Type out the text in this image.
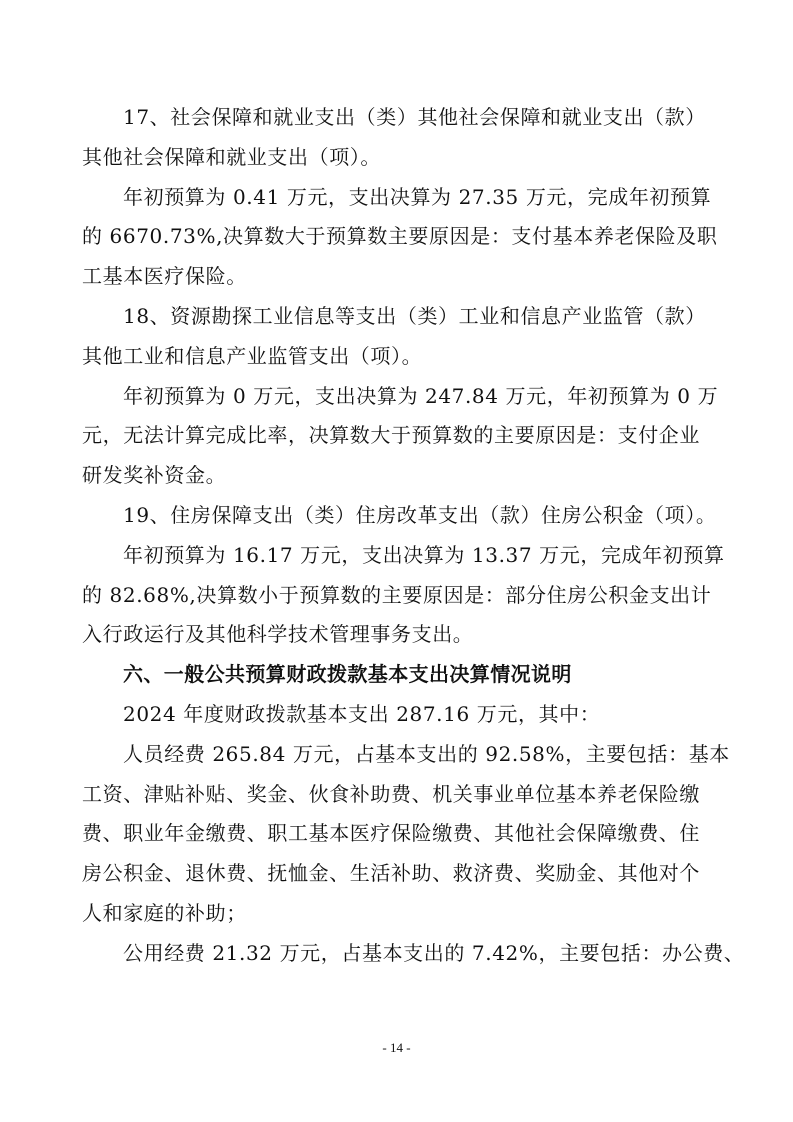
17、社会保障和就业支出（类）其他社会保障和就业支出（款）
其他社会保障和就业支出（项）。
年初预算为 0.41 万元，支出决算为 27.35 万元，完成年初预算
的 6670.73%,决算数大于预算数主要原因是：支付基本养老保险及职
工基本医疗保险。
18、资源勘探工业信息等支出（类）工业和信息产业监管（款）
其他工业和信息产业监管支出（项）。
年初预算为 0 万元，支出决算为 247.84 万元，年初预算为 0 万
元，无法计算完成比率，决算数大于预算数的主要原因是：支付企业
研发奖补资金。
19、住房保障支出（类）住房改革支出（款）住房公积金（项）。
年初预算为 16.17 万元，支出决算为 13.37 万元，完成年初预算
的 82.68%,决算数小于预算数的主要原因是：部分住房公积金支出计
入行政运行及其他科学技术管理事务支出。
六、一般公共预算财政拨款基本支出决算情况说明
2024 年度财政拨款基本支出 287.16 万元，其中：
人员经费 265.84 万元，占基本支出的 92.58%，主要包括：基本
工资、津贴补贴、奖金、伙食补助费、机关事业单位基本养老保险缴
费、职业年金缴费、职工基本医疗保险缴费、其他社会保障缴费、住
房公积金、退休费、抚恤金、生活补助、救济费、奖励金、其他对个
人和家庭的补助；
公用经费 21.32 万元，占基本支出的 7.42%，主要包括：办公费、
- 14 -
